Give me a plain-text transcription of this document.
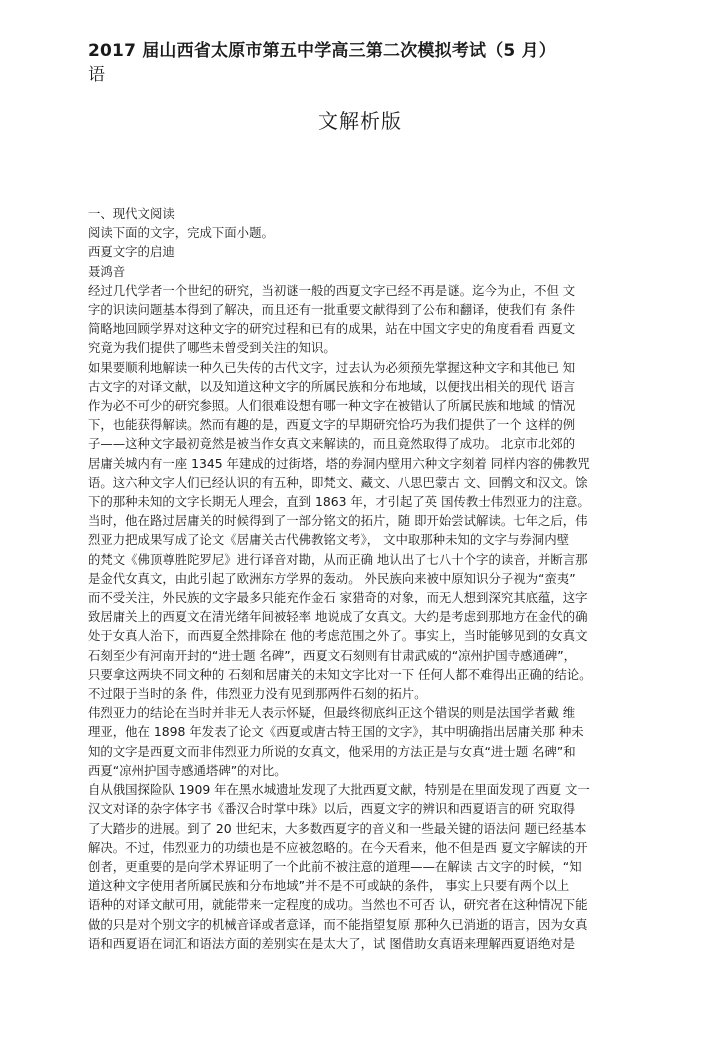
2017 届山西省太原市第五中学高三第二次模拟考试（5 月）
语
文解析版
一、现代文阅读
阅读下面的文字，完成下面小题。
西夏文字的启迪
聂鸿音
经过几代学者一个世纪的研究，当初谜一般的西夏文字已经不再是谜。迄今为止，不但 文
字的识读问题基本得到了解决，而且还有一批重要文献得到了公布和翻译，使我们有 条件
简略地回顾学界对这种文字的研究过程和已有的成果，站在中国文字史的角度看看 西夏文
究竟为我们提供了哪些未曾受到关注的知识。
如果要顺利地解读一种久已失传的古代文字，过去认为必须预先掌握这种文字和其他已 知
古文字的对译文献，以及知道这种文字的所属民族和分布地域，以便找出相关的现代 语言
作为必不可少的研究参照。人们很难设想有哪一种文字在被错认了所属民族和地域 的情况
下，也能获得解读。然而有趣的是，西夏文字的早期研究恰巧为我们提供了一个 这样的例
子——这种文字最初竟然是被当作女真文来解读的，而且竟然取得了成功。 北京市北郊的
居庸关城内有一座 1345 年建成的过街塔，塔的券洞内壁用六种文字刻着 同样内容的佛教咒
语。这六种文字人们已经认识的有五种，即梵文、藏文、八思巴蒙古 文、回鹘文和汉文。馀
下的那种未知的文字长期无人理会，直到 1863 年，才引起了英 国传教士伟烈亚力的注意。
当时，他在路过居庸关的时候得到了一部分铭文的拓片，随 即开始尝试解读。七年之后，伟
烈亚力把成果写成了论文《居庸关古代佛教铭文考》， 文中取那种未知的文字与券洞内壁
的梵文《佛顶尊胜陀罗尼》进行译音对勘，从而正确 地认出了七八十个字的读音，并断言那
是金代女真文，由此引起了欧洲东方学界的轰动。 外民族向来被中原知识分子视为“蛮夷”
而不受关注，外民族的文字最多只能充作金石 家猎奇的对象，而无人想到深究其底蕴，这字
致居庸关上的西夏文在清光绪年间被轻率 地说成了女真文。大约是考虑到那地方在金代的确
处于女真人治下，而西夏全然排除在 他的考虑范围之外了。事实上，当时能够见到的女真文
石刻至少有河南开封的“进士题 名碑”，西夏文石刻则有甘肃武威的“凉州护国寺感通碑”，
只要拿这两块不同文种的 石刻和居庸关的未知文字比对一下 任何人都不难得出正确的结论。
不过限于当时的条 件，伟烈亚力没有见到那两件石刻的拓片。
伟烈亚力的结论在当时并非无人表示怀疑，但最终彻底纠正这个错误的则是法国学者戴 维
理亚，他在 1898 年发表了论文《西夏或唐古特王国的文字》，其中明确指出居庸关那 种未
知的文字是西夏文而非伟烈亚力所说的女真文，他采用的方法正是与女真“进士题 名碑”和
西夏“凉州护国寺感通塔碑”的对比。
自从俄国探险队 1909 年在黑水城遗址发现了大批西夏文献，特别是在里面发现了西夏 文一
汉文对译的杂字体字书《番汉合时掌中珠》以后，西夏文字的辨识和西夏语言的研 究取得
了大踏步的进展。到了 20 世纪末，大多数西夏字的音义和一些最关键的语法问 题已经基本
解决。不过，伟烈亚力的功绩也是不应被忽略的。在今天看来，他不但是西 夏文字解读的开
创者，更重要的是向学术界证明了一个此前不被注意的道理——在解读 古文字的时候，“知
道这种文字使用者所属民族和分布地域”并不是不可或缺的条件， 事实上只要有两个以上
语种的对译文献可用，就能带来一定程度的成功。当然也不可否 认，研究者在这种情况下能
做的只是对个别文字的机械音译或者意译，而不能指望复原 那种久已消逝的语言，因为女真
语和西夏语在词汇和语法方面的差别实在是太大了，试 图借助女真语来理解西夏语绝对是
